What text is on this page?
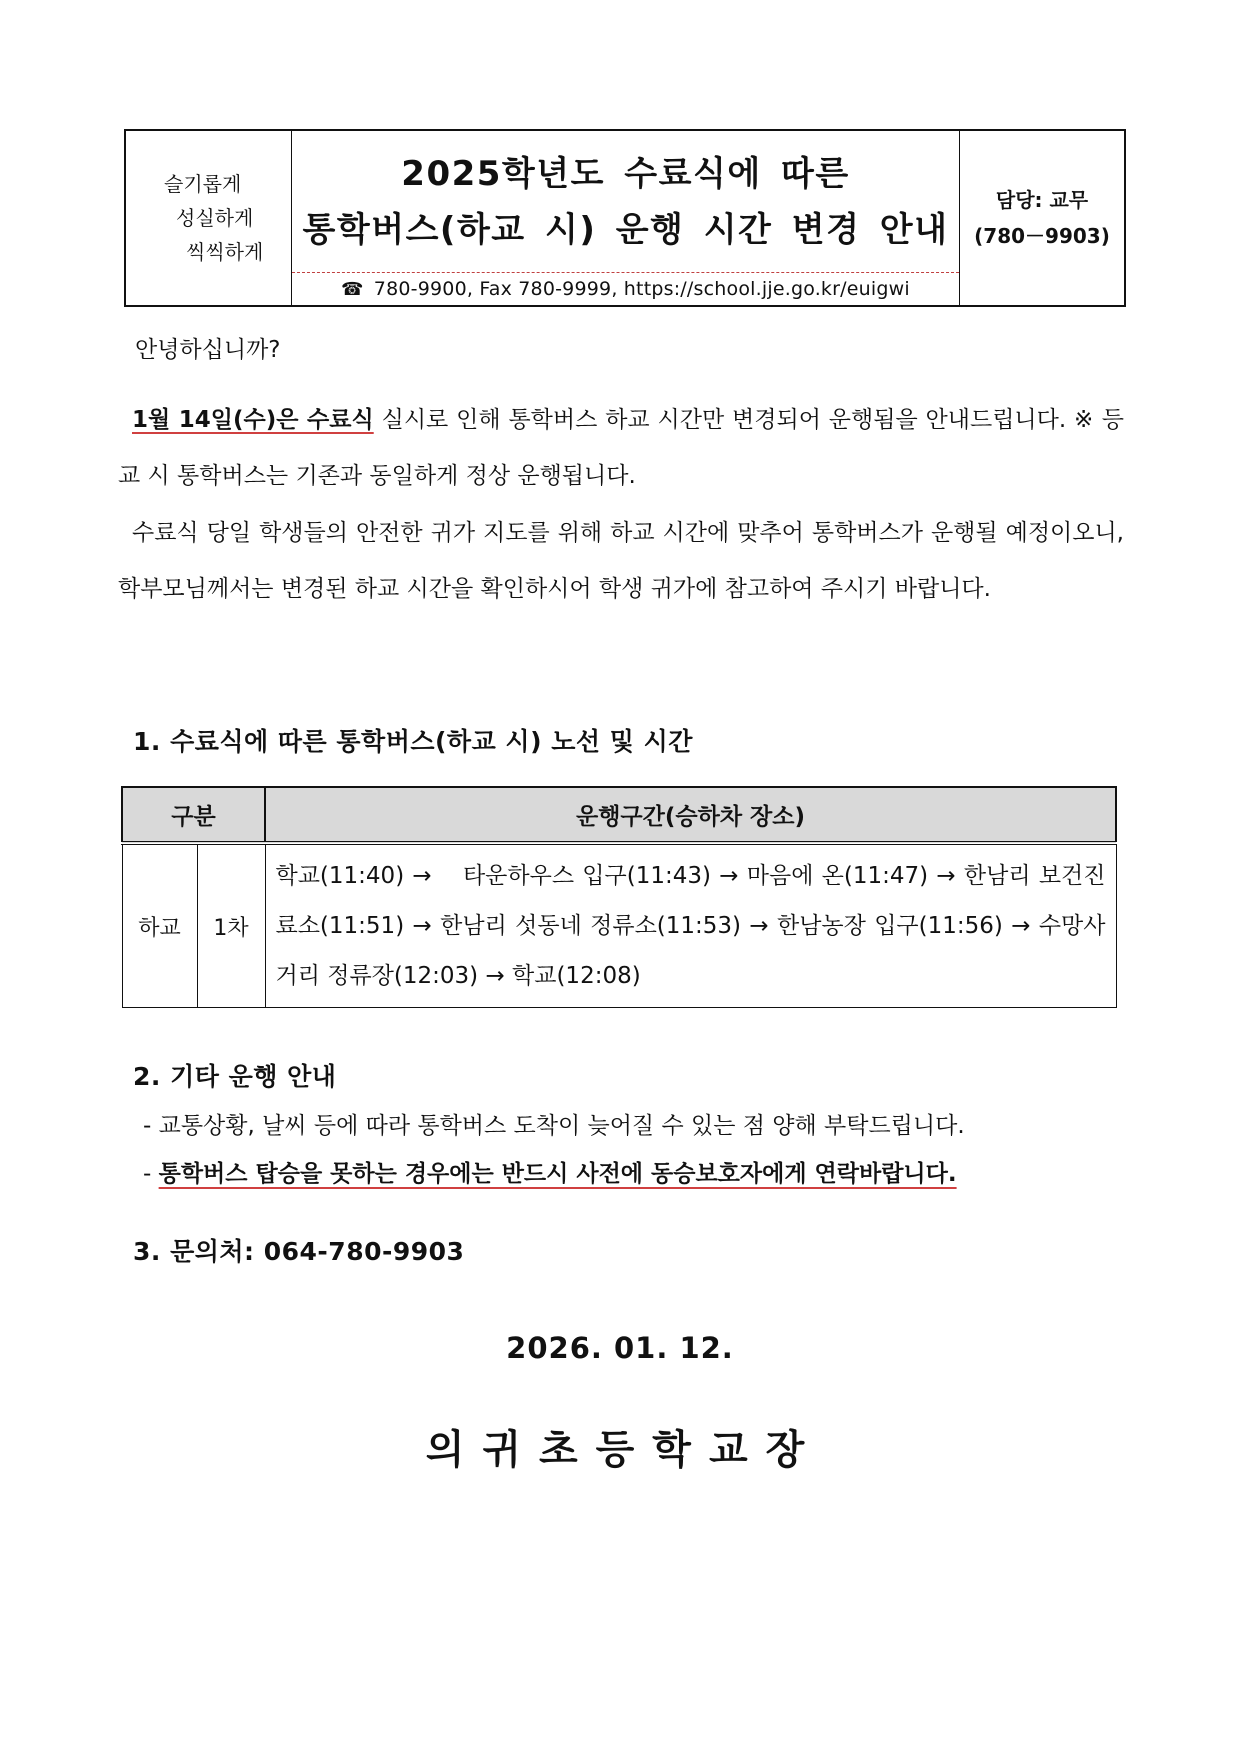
슬기롭게
성실하게
씩씩하게
2025학년도 수료식에 따른
통학버스(하교 시) 운행 시간 변경 안내
☎ 780-9900, Fax 780-9999, https://school.jje.go.kr/euigwi
담당: 교무
(780－9903)
안녕하십니까?
1월 14일(수)은 수료식 실시로 인해 통학버스 하교 시간만 변경되어 운행됨을 안내드립니다. ※ 등교 시 통학버스는 기존과 동일하게 정상 운행됩니다.
수료식 당일 학생들의 안전한 귀가 지도를 위해 하교 시간에 맞추어 통학버스가 운행될 예정이오니, 학부모님께서는 변경된 하교 시간을 확인하시어 학생 귀가에 참고하여 주시기 바랍니다.
1. 수료식에 따른 통학버스(하교 시) 노선 및 시간
구분		운행구간(승하차 장소)
하교	1차	학교(11:40) →  타운하우스 입구(11:43) → 마음에 온(11:47) → 한남리 보건진료소(11:51) → 한남리 섯동네 정류소(11:53) → 한남농장 입구(11:56) → 수망사거리 정류장(12:03) → 학교(12:08)
2. 기타 운행 안내
- 교통상황, 날씨 등에 따라 통학버스 도착이 늦어질 수 있는 점 양해 부탁드립니다.
- 통학버스 탑승을 못하는 경우에는 반드시 사전에 동승보호자에게 연락바랍니다.
3. 문의처: 064-780-9903
2026. 01. 12.
의귀초등학교장
